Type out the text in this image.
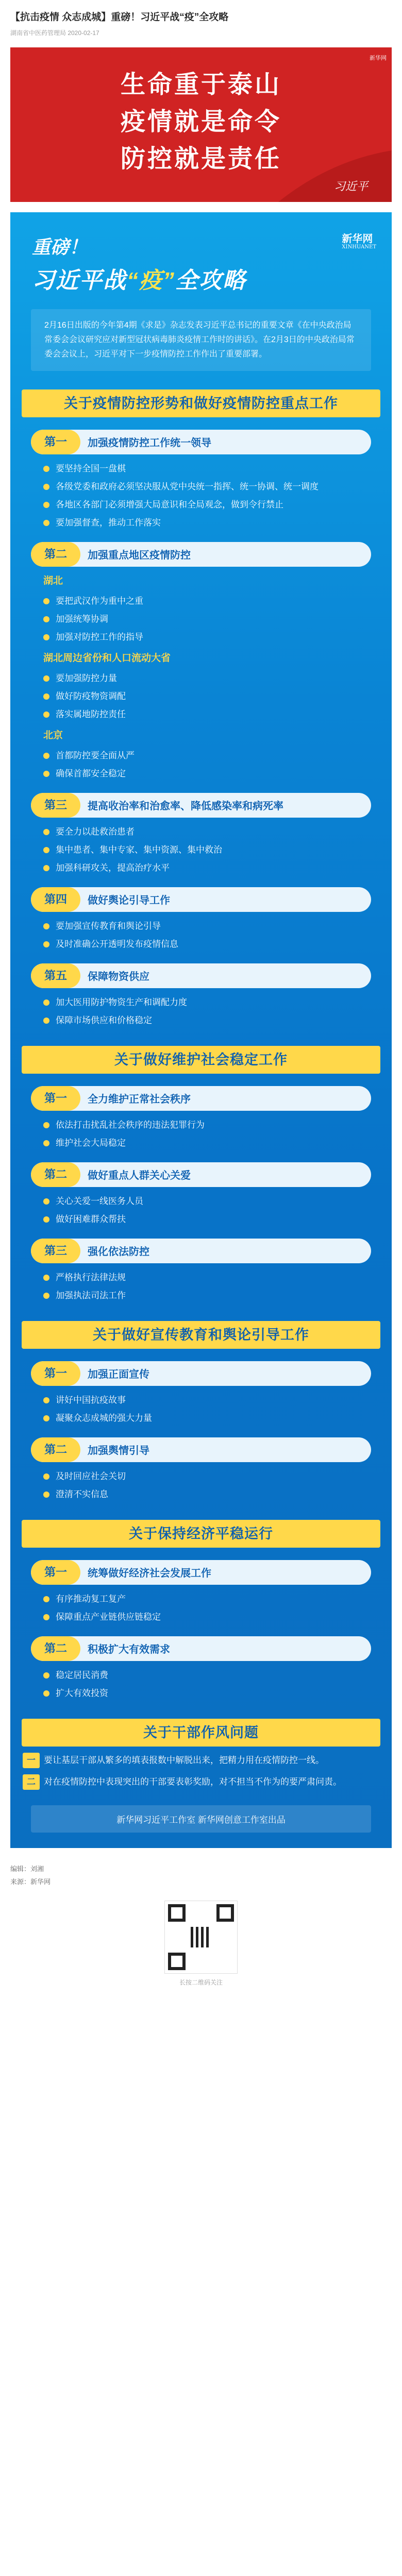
【抗击疫情 众志成城】重磅！习近平战“疫”全攻略
湖南省中医药管理局 2020-02-17
新华网
生命重于泰山
疫情就是命令
防控就是责任
习近平
重磅！
习近平战“疫”全攻略
新华网
XINHUANET
2月16日出版的今年第4期《求是》杂志发表习近平总书记的重要文章《在中央政治局常委会会议研究应对新型冠状病毒肺炎疫情工作时的讲话》。在2月3日的中央政治局常委会会议上，习近平对下一步疫情防控工作作出了重要部署。
关于疫情防控形势和做好疫情防控重点工作
第一	加强疫情防控工作统一领导
要坚持全国一盘棋
各级党委和政府必须坚决服从党中央统一指挥、统一协调、统一调度
各地区各部门必须增强大局意识和全局观念，做到令行禁止
要加强督查，推动工作落实
第二	加强重点地区疫情防控
湖北
要把武汉作为重中之重
加强统筹协调
加强对防控工作的指导
湖北周边省份和人口流动大省
要加强防控力量
做好防疫物资调配
落实属地防控责任
北京
首都防控要全面从严
确保首都安全稳定
第三	提高收治率和治愈率、降低感染率和病死率
要全力以赴救治患者
集中患者、集中专家、集中资源、集中救治
加强科研攻关，提高治疗水平
第四	做好舆论引导工作
要加强宣传教育和舆论引导
及时准确公开透明发布疫情信息
第五	保障物资供应
加大医用防护物资生产和调配力度
保障市场供应和价格稳定
关于做好维护社会稳定工作
第一	全力维护正常社会秩序
依法打击扰乱社会秩序的违法犯罪行为
维护社会大局稳定
第二	做好重点人群关心关爱
关心关爱一线医务人员
做好困难群众帮扶
第三	强化依法防控
严格执行法律法规
加强执法司法工作
关于做好宣传教育和舆论引导工作
第一	加强正面宣传
讲好中国抗疫故事
凝聚众志成城的强大力量
第二	加强舆情引导
及时回应社会关切
澄清不实信息
关于保持经济平稳运行
第一	统筹做好经济社会发展工作
有序推动复工复产
保障重点产业链供应链稳定
第二	积极扩大有效需求
稳定居民消费
扩大有效投资
关于干部作风问题
一 要让基层干部从繁多的填表报数中解脱出来，把精力用在疫情防控一线。
二 对在疫情防控中表现突出的干部要表彰奖励，对不担当不作为的要严肃问责。
新华网习近平工作室 新华网创意工作室出品
编辑：刘湘
来源：新华网
长按二维码关注
